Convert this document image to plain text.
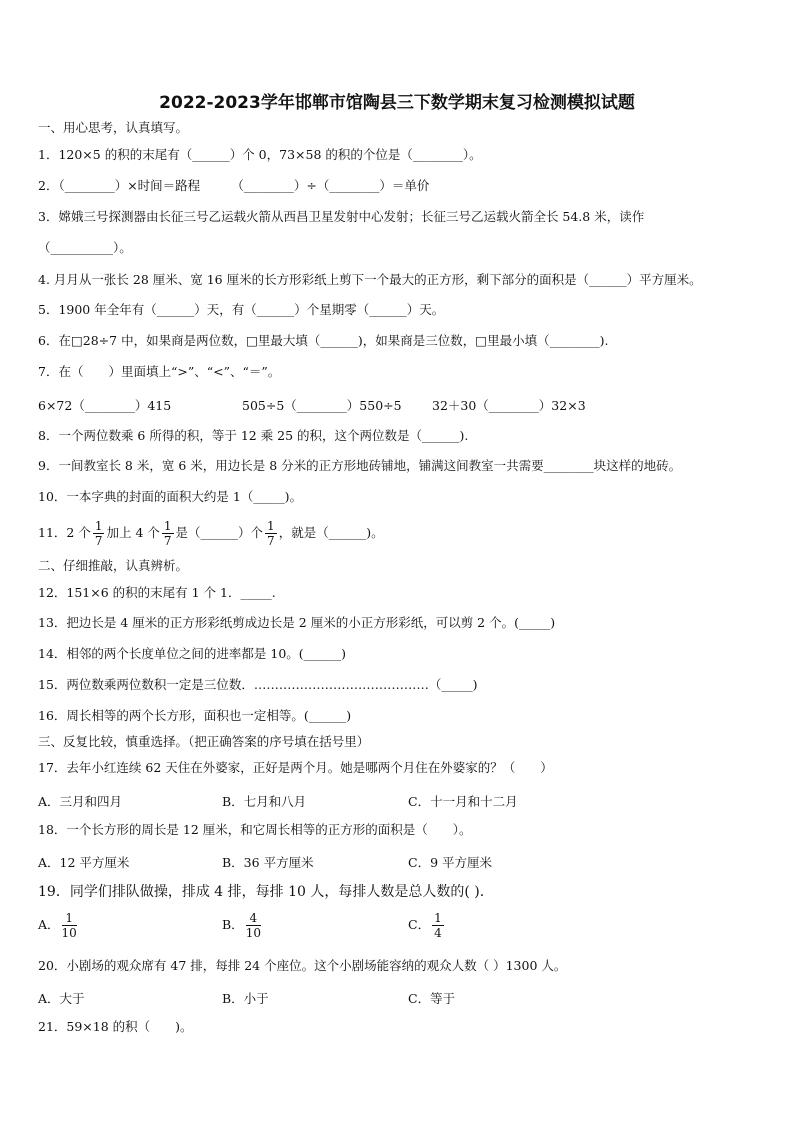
2022-2023学年邯郸市馆陶县三下数学期末复习检测模拟试题
一、用心思考，认真填写。
1．120×5 的积的末尾有（______）个 0，73×58 的积的个位是（________）。
2．（________）×时间＝路程　　　（________）÷（________）＝单价
3．嫦娥三号探测器由长征三号乙运载火箭从西昌卫星发射中心发射；长征三号乙运载火箭全长 54.8 米，读作
（__________）。
4. 月月从一张长 28 厘米、宽 16 厘米的长方形彩纸上剪下一个最大的正方形，剩下部分的面积是（______）平方厘米。
5．1900 年全年有（______）天，有（______）个星期零（______）天。
6．在□28÷7 中，如果商是两位数，□里最大填（______)，如果商是三位数，□里最小填（________).
7．在（　　）里面填上“>”、“<”、“＝”。
6×72（________）415	505÷5（________）550÷5 32＋30（________）32×3
8．一个两位数乘 6 所得的积，等于 12 乘 25 的积，这个两位数是（______).
9．一间教室长 8 米，宽 6 米，用边长是 8 分米的正方形地砖铺地，铺满这间教室一共需要________块这样的地砖。
10．一本字典的封面的面积大约是 1（_____)。
11．2 个 $\frac{1}{7}$ 加上 4 个 $\frac{1}{7}$ 是（______）个 $\frac{1}{7}$ ，就是（______)。
二、仔细推敲，认真辨析。
12．151×6 的积的末尾有 1 个 1．_____.
13．把边长是 4 厘米的正方形彩纸剪成边长是 2 厘米的小正方形彩纸，可以剪 2 个。(_____)
14．相邻的两个长度单位之间的进率都是 10。(______)
15．两位数乘两位数积一定是三位数．……………………………………（_____)
16．周长相等的两个长方形，面积也一定相等。(______)
三、反复比较，慎重选择。（把正确答案的序号填在括号里）
17．去年小红连续 62 天住在外婆家，正好是两个月。她是哪两个月住在外婆家的？（　　）
A．三月和四月	B．七月和八月	C．十一月和十二月
18．一个长方形的周长是 12 厘米，和它周长相等的正方形的面积是（　　）。
A．12 平方厘米	B．36 平方厘米	C．9 平方厘米
19．同学们排队做操，排成 4 排，每排 10 人，每排人数是总人数的( ).
A． $\frac{1}{10}$	B． $\frac{4}{10}$	C． $\frac{1}{4}$
20．小剧场的观众席有 47 排，每排 24 个座位。这个小剧场能容纳的观众人数（ ）1300 人。
A．大于	B．小于	C．等于
21．59×18 的积（　　)。
